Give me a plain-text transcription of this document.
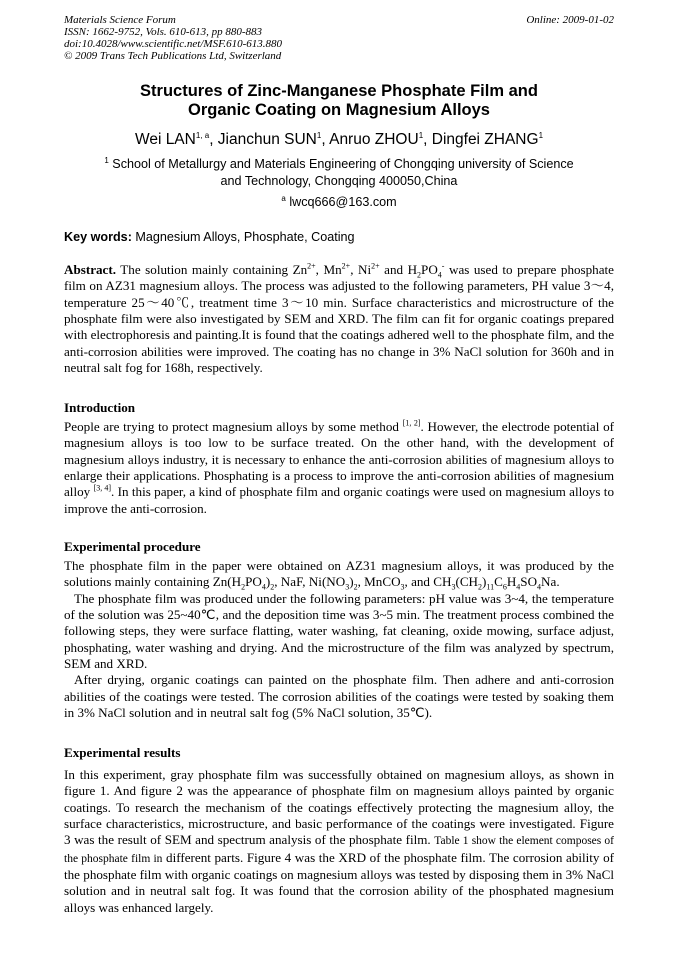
Materials Science Forum
ISSN: 1662-9752, Vols. 610-613, pp 880-883
doi:10.4028/www.scientific.net/MSF.610-613.880
© 2009 Trans Tech Publications Ltd, Switzerland
Online: 2009-01-02
Structures of Zinc-Manganese Phosphate Film and
Organic Coating on Magnesium Alloys
Wei LAN$^{1, a}$, Jianchun SUN$^1$, Anruo ZHOU$^1$, Dingfei ZHANG$^1$
$^1$ School of Metallurgy and Materials Engineering of Chongqing university of Science
and Technology, Chongqing 400050,China
$^a$ lwcq666@163.com
Key words: Magnesium Alloys, Phosphate, Coating

Abstract. The solution mainly containing $Zn^{2+}$, $Mn^{2+}$, $Ni^{2+}$ and $H_2PO_4^-$ was used to prepare phosphate film on AZ31 magnesium alloys. The process was adjusted to the following parameters, PH value 3～4, temperature 25～40℃, treatment time 3～10 min. Surface characteristics and microstructure of the phosphate film were also investigated by SEM and XRD. The film can fit for organic coatings prepared with electrophoresis and painting.It is found that the coatings adhered well to the phosphate film, and the anti-corrosion abilities were improved. The coating has no change in 3% NaCl solution for 360h and in neutral salt fog for 168h, respectively.

Introduction

People are trying to protect magnesium alloys by some method [1, 2]. However, the electrode potential of magnesium alloys is too low to be surface treated. On the other hand, with the development of magnesium alloys industry, it is necessary to enhance the anti-corrosion abilities of magnesium alloys to enlarge their applications. Phosphating is a process to improve the anti-corrosion abilities of magnesium alloy [3, 4]. In this paper, a kind of phosphate film and organic coatings were used on magnesium alloys to improve the anti-corrosion.

Experimental procedure

The phosphate film in the paper were obtained on AZ31 magnesium alloys, it was produced by the solutions mainly containing $Zn(H_2PO_4)_2$, NaF, $Ni(NO_3)_2$, MnCO$_3$, and $CH_3(CH_2)_{11}C_6H_4SO_4Na$.

The phosphate film was produced under the following parameters: pH value was 3~4, the temperature of the solution was 25~40℃, and the deposition time was 3~5 min. The treatment process combined the following steps, they were surface flatting, water washing, fat cleaning, oxide mowing, surface adjust, phosphating, water washing and drying. And the microstructure of the film was analyzed by spectrum, SEM and XRD.

After drying, organic coatings can painted on the phosphate film. Then adhere and anti-corrosion abilities of the coatings were tested. The corrosion abilities of the coatings were tested by soaking them in 3% NaCl solution and in neutral salt fog (5% NaCl solution, 35℃).

Experimental results

In this experiment, gray phosphate film was successfully obtained on magnesium alloys, as shown in figure 1. And figure 2 was the appearance of phosphate film on magnesium alloys painted by organic coatings. To research the mechanism of the coatings effectively protecting the magnesium alloy, the surface characteristics, microstructure, and basic performance of the coatings were investigated. Figure 3 was the result of SEM and spectrum analysis of the phosphate film. Table 1 show the element composes of the phosphate film in different parts. Figure 4 was the XRD of the phosphate film. The corrosion ability of the phosphate film with organic coatings on magnesium alloys was tested by disposing them in 3% NaCl solution and in neutral salt fog. It was found that the corrosion ability of the phosphated magnesium alloys was enhanced largely.
